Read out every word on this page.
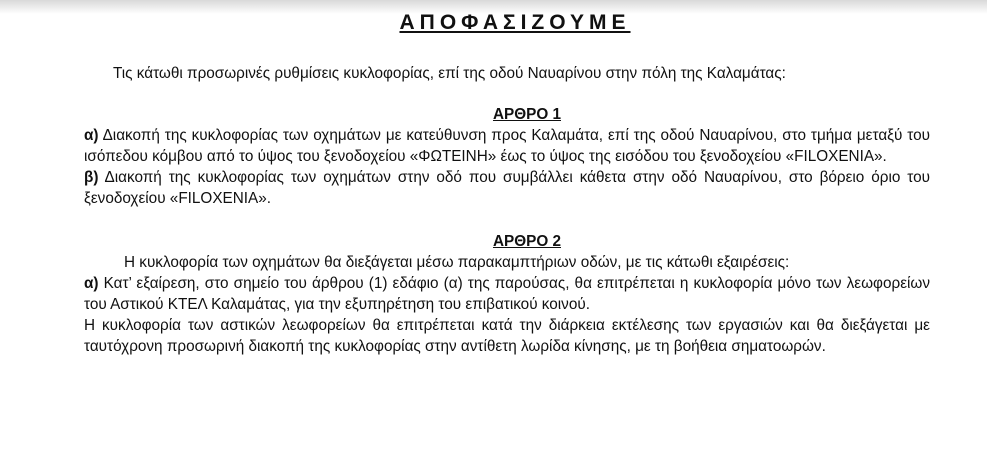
ΑΠΟΦΑΣΙΖΟΥΜΕ
Τις κάτωθι προσωρινές ρυθμίσεις κυκλοφορίας, επί της οδού Ναυαρίνου στην πόλη της Καλαμάτας:
ΑΡΘΡΟ 1
α) Διακοπή της κυκλοφορίας των οχημάτων με κατεύθυνση προς Καλαμάτα, επί της οδού Ναυαρίνου, στο τμήμα μεταξύ του ισόπεδου κόμβου από το ύψος του ξενοδοχείου «ΦΩΤΕΙΝΗ» έως το ύψος της εισόδου του ξενοδοχείου «FILOXENIA».
β) Διακοπή της κυκλοφορίας των οχημάτων στην οδό που συμβάλλει κάθετα στην οδό Ναυαρίνου, στο βόρειο όριο του ξενοδοχείου «FILOXENIA».
ΑΡΘΡΟ 2
Η κυκλοφορία των οχημάτων θα διεξάγεται μέσω παρακαμπτήριων οδών, με τις κάτωθι εξαιρέσεις:
α) Κατ’ εξαίρεση, στο σημείο του άρθρου (1) εδάφιο (α) της παρούσας, θα επιτρέπεται η κυκλοφορία μόνο των λεωφορείων του Αστικού ΚΤΕΛ Καλαμάτας, για την εξυπηρέτηση του επιβατικού κοινού.
Η κυκλοφορία των αστικών λεωφορείων θα επιτρέπεται κατά την διάρκεια εκτέλεσης των εργασιών και θα διεξάγεται με ταυτόχρονη προσωρινή διακοπή της κυκλοφορίας στην αντίθετη λωρίδα κίνησης, με τη βοήθεια σηματοωρών.
